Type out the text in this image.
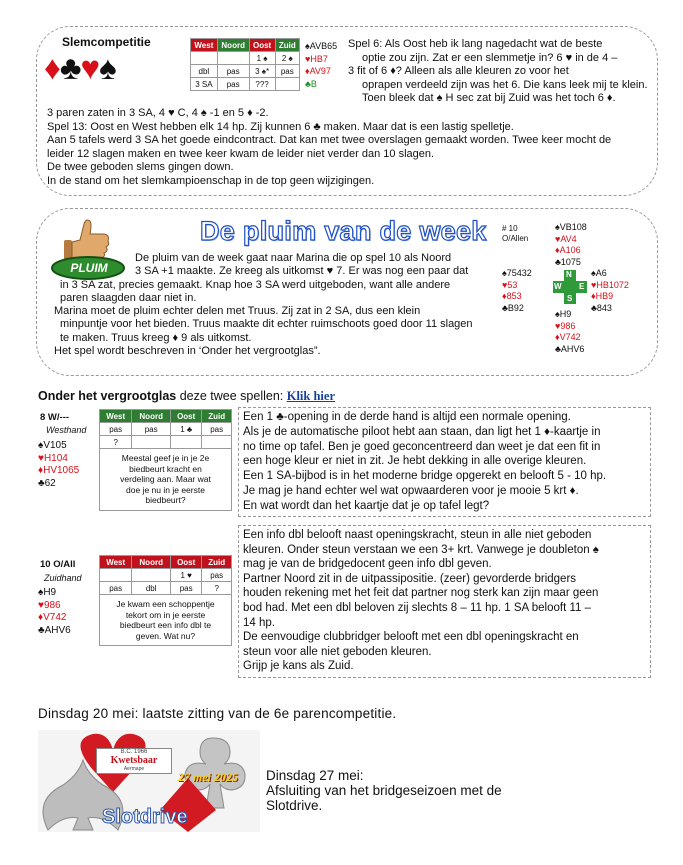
Slemcompetitie
♦♣♥♠
West	Noord	Oost	Zuid
		1 ♠	2 ♠
dbl	pas	3 ♠*	pas
3 SA	pas	???	
♠AVB65
♥HB7
♦AV97
♣B
Spel 6: Als Oost heb ik lang nagedacht wat de beste
optie zou zijn. Zat er een slemmetje in? 6 ♥ in de 4 –
3 fit of 6 ♦? Alleen als alle kleuren zo voor het
oprapen verdeeld zijn was het 6. Die kans leek mij te klein.
Toen bleek dat ♠ H sec zat bij Zuid was het toch 6 ♦.
3 paren zaten in 3 SA, 4 ♥ C, 4 ♠ -1 en 5 ♦ -2.
Spel 13: Oost en West hebben elk 14 hp. Zij kunnen 6 ♣ maken. Maar dat is een lastig spelletje.
Aan 5 tafels werd 3 SA het goede eindcontract. Dat kan met twee overslagen gemaakt worden. Twee keer mocht de
leider 12 slagen maken en twee keer kwam de leider niet verder dan 10 slagen.
De twee geboden slems gingen down.
In de stand om het slemkampioenschap in de top geen wijzigingen.
PLUIM
De pluim van de week
De pluim van de week gaat naar Marina die op spel 10 als Noord
3 SA +1 maakte. Ze kreeg als uitkomst ♥ 7. Er was nog een paar dat
in 3 SA zat, precies gemaakt. Knap hoe 3 SA werd uitgeboden, want alle andere
paren slaagden daar niet in.
Marina moet de pluim echter delen met Truus. Zij zat in 2 SA, dus een klein
minpuntje voor het bieden. Truus maakte dit echter ruimschoots goed door 11 slagen
te maken. Truus kreeg ♦ 9 als uitkomst.
Het spel wordt beschreven in ‘Onder het vergrootglas”.
# 10
O/Allen
♠VB108
♥AV4
♦A106
♣1075
♠75432
♥53
♦853
♣B92
N
W E
S
♠A6
♥HB1072
♦HB9
♣843
♠H9
♥986
♦V742
♣AHV6
Onder het vergrootglas deze twee spellen: Klik hier
8 W/---
Westhand
♠V105
♥H104
♦HV1065
♣62
West	Noord	Oost	Zuid
pas	pas	1 ♣	pas
?			
Meestal geef je in je 2e biedbeurt kracht en verdeling aan. Maar wat doe je nu in je eerste biedbeurt?			
Een 1 ♣-opening in de derde hand is altijd een normale opening.
Als je de automatische piloot hebt aan staan, dan ligt het 1 ♦-kaartje in
no time op tafel. Ben je goed geconcentreerd dan weet je dat een fit in
een hoge kleur er niet in zit. Je hebt dekking in alle overige kleuren.
Een 1 SA-bijbod is in het moderne bridge opgerekt en belooft 5 - 10 hp.
Je mag je hand echter wel wat opwaarderen voor je mooie 5 krt ♦.
En wat wordt dan het kaartje dat je op tafel legt?
10 O/All
Zuidhand
♠H9
♥986
♦V742
♣AHV6
West	Noord	Oost	Zuid
		1 ♥	pas
pas	dbl	pas	?
Je kwam een schoppentje tekort om in je eerste biedbeurt een info dbl te geven. Wat nu?			
Een info dbl belooft naast openingskracht, steun in alle niet geboden
kleuren. Onder steun verstaan we een 3+ krt. Vanwege je doubleton ♠
mag je van de bridgedocent geen info dbl geven.
Partner Noord zit in de uitpassipositie. (zeer) gevorderde bridgers
houden rekening met het feit dat partner nog sterk kan zijn maar geen
bod had. Met een dbl beloven zij slechts 8 – 11 hp. 1 SA belooft 11 –
14 hp.
De eenvoudige clubbridger belooft met een dbl openingskracht en
steun voor alle niet geboden kleuren.
Grijp je kans als Zuid.
Dinsdag 20 mei: laatste zitting van de 6e parencompetitie.
B.C. 1966
Kwetsbaar
Aermape
27 mei 2025
Slotdrive
Dinsdag 27 mei:
Afsluiting van het bridgeseizoen met de
Slotdrive.
